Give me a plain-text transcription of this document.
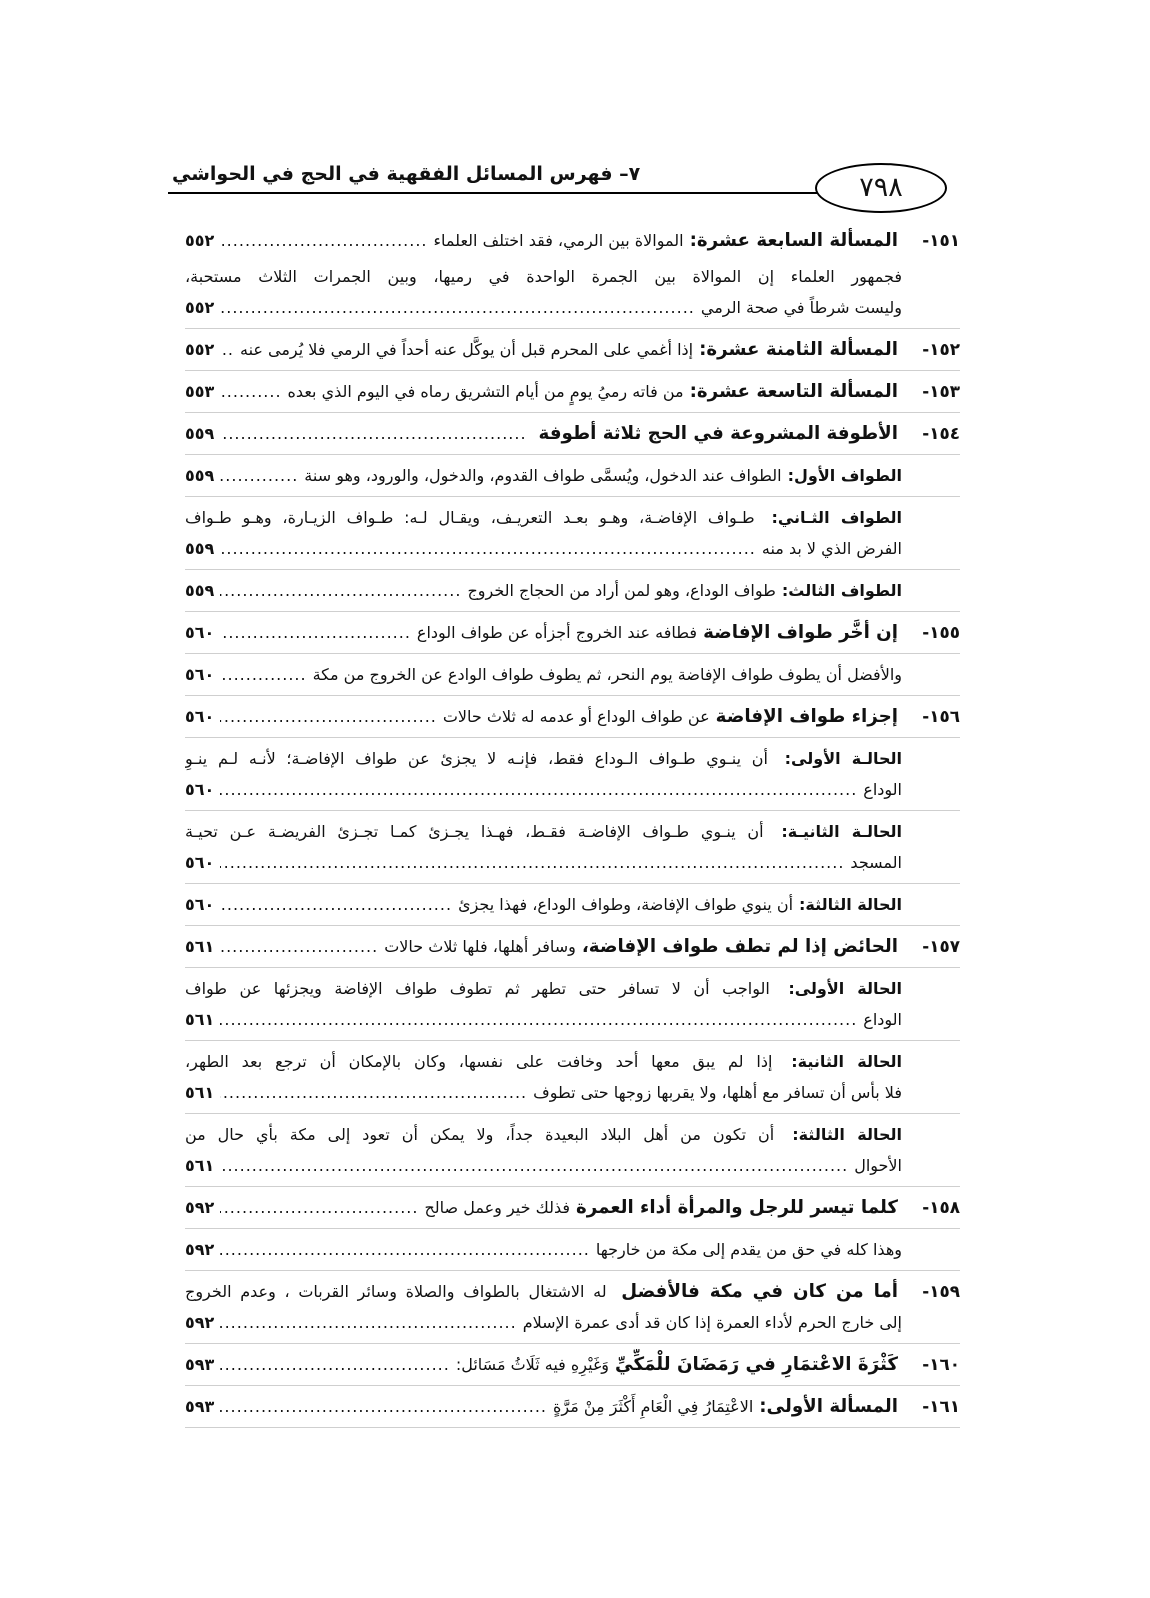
٧– فهرس المسائل الفقهية في الحج في الحواشي	٧٩٨
١٥١-
المسألة السابعة عشرة:
الموالاة بين الرمي، فقد اختلف العلماء
.....
٥٥٢
فجمهور العلماء إن الموالاة بين الجمرة الواحدة في رميها، وبين الجمرات الثلاث مستحبة،
وليست شرطاً في صحة الرمي
.....
٥٥٢
١٥٢-
المسألة الثامنة عشرة:
إذا أغمي على المحرم قبل أن يوكَّل عنه أحداً في الرمي فلا يُرمى عنه
.....
٥٥٢
١٥٣-
المسألة التاسعة عشرة:
من فاته رميُ يومٍ من أيام التشريق رماه في اليوم الذي بعده
.....
٥٥٣
١٥٤-
الأطوفة المشروعة في الحج ثلاثة أطوفة
.....
٥٥٩
الطواف الأول:
الطواف عند الدخول، ويُسمَّى طواف القدوم، والدخول، والورود، وهو سنة
.....
٥٥٩
الطواف الثـاني: طـواف الإفاضـة، وهـو بعـد التعريـف، ويقـال لـه: طـواف الزيـارة، وهـو طـواف
الفرض الذي لا بد منه
.....
٥٥٩
الطواف الثالث:
طواف الوداع، وهو لمن أراد من الحجاج الخروج
.....
٥٥٩
١٥٥-
إن أخَّر طواف الإفاضة
فطافه عند الخروج أجزأه عن طواف الوداع
.....
٥٦٠
والأفضل أن يطوف طواف الإفاضة يوم النحر، ثم يطوف طواف الوادع عن الخروج من مكة
.....
٥٦٠
١٥٦-
إجزاء طواف الإفاضة
عن طواف الوداع أو عدمه له ثلاث حالات
.....
٥٦٠
الحالـة الأولى: أن ينـوي طـواف الـوداع فقط، فإنـه لا يجزئ عن طواف الإفاضـة؛ لأنـه لـم ينـوِ
الوداع
.....
٥٦٠
الحالـة الثانيـة: أن ينـوي طـواف الإفاضـة فقـط، فهـذا يجـزئ كمـا تجـزئ الفريضـة عـن تحيـة
المسجد
.....
٥٦٠
الحالة الثالثة:
أن ينوي طواف الإفاضة، وطواف الوداع، فهذا يجزئ
.....
٥٦٠
١٥٧-
الحائض إذا لم تطف طواف الإفاضة،
وسافر أهلها، فلها ثلاث حالات
.....
٥٦١
الحالة الأولى: الواجب أن لا تسافر حتى تطهر ثم تطوف طواف الإفاضة ويجزئها عن طواف
الوداع
.....
٥٦١
الحالة الثانية: إذا لم يبق معها أحد وخافت على نفسها، وكان بالإمكان أن ترجع بعد الطهر،
فلا بأس أن تسافر مع أهلها، ولا يقربها زوجها حتى تطوف
.....
٥٦١
الحالة الثالثة: أن تكون من أهل البلاد البعيدة جداً، ولا يمكن أن تعود إلى مكة بأي حال من
الأحوال
.....
٥٦١
١٥٨-
كلما تيسر للرجل والمرأة أداء العمرة
فذلك خير وعمل صالح
.....
٥٩٢
وهذا كله في حق من يقدم إلى مكة من خارجها
.....
٥٩٢
١٥٩-
أما من كان في مكة فالأفضل له الاشتغال بالطواف والصلاة وسائر القربات ، وعدم الخروج
إلى خارج الحرم لأداء العمرة إذا كان قد أدى عمرة الإسلام
.....
٥٩٢
١٦٠-
كَثْرَةَ الاعْتمَارِ في رَمَضَانَ للْمَكِّيِّ
وَغَيْرِهِ فيه ثَلَاثُ مَسَائل:
.....
٥٩٣
١٦١-
المسألة الأولى:
الاعْتِمَارُ فِي الْعَامِ أَكْثَرَ مِنْ مَرَّةٍ
.....
٥٩٣
